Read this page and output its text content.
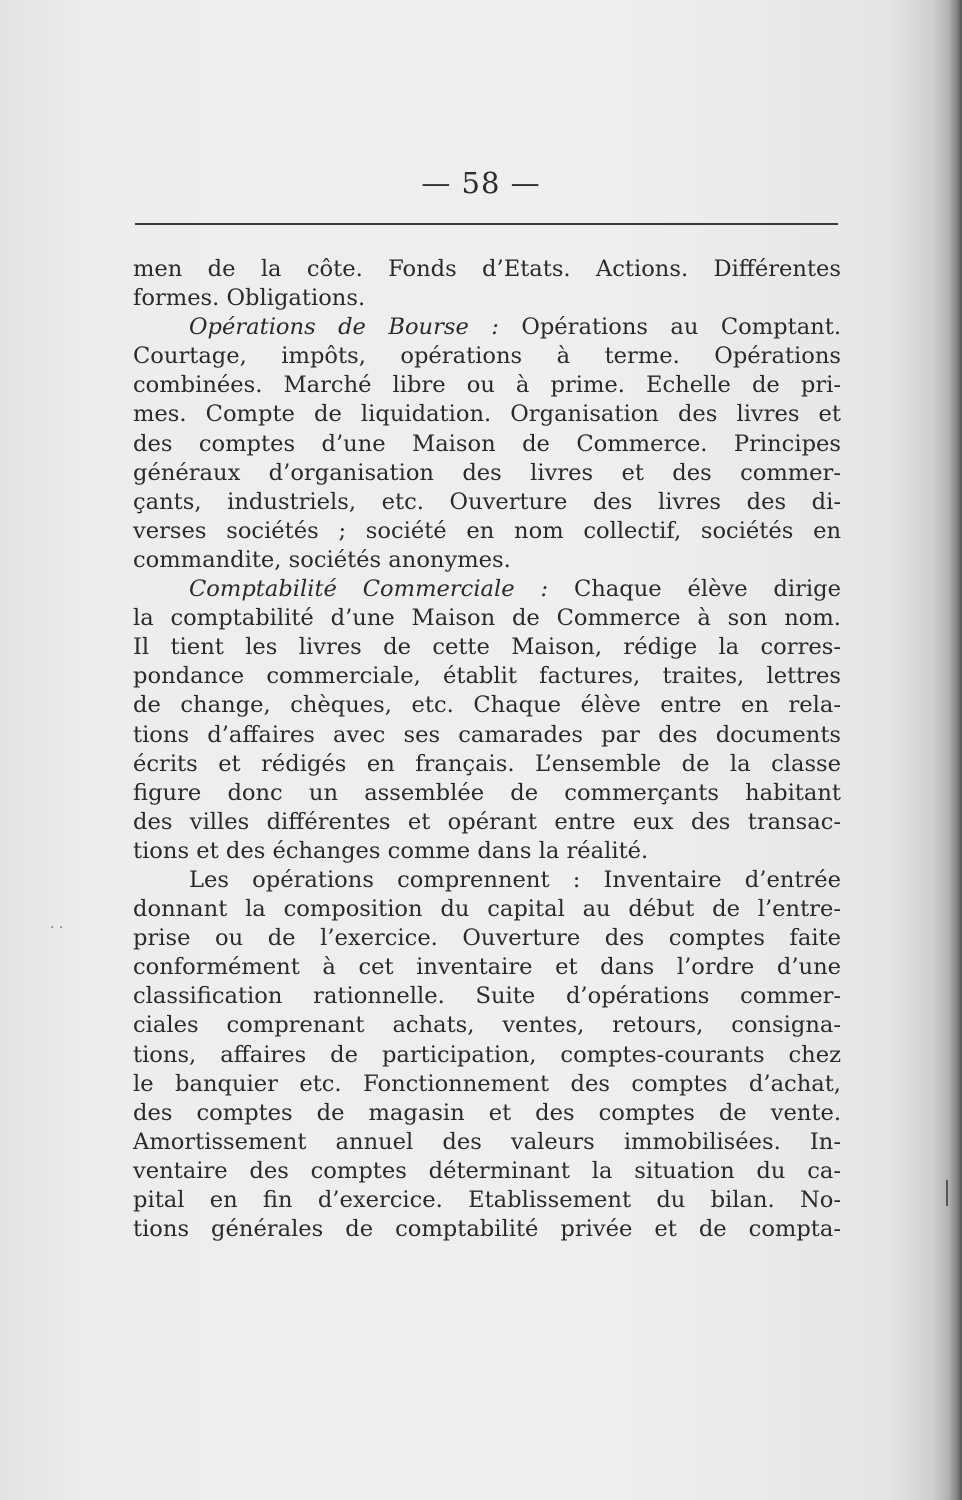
— 58 —
· ·
men de la côte. Fonds d’Etats. Actions. Différentes
formes. Obligations.
Opérations de Bourse : Opérations au Comptant.
Courtage, impôts, opérations à terme. Opérations
combinées. Marché libre ou à prime. Echelle de pri-
mes. Compte de liquidation. Organisation des livres et
des comptes d’une Maison de Commerce. Principes
généraux d’organisation des livres et des commer-
çants, industriels, etc. Ouverture des livres des di-
verses sociétés ; société en nom collectif, sociétés en
commandite, sociétés anonymes.
Comptabilité Commerciale : Chaque élève dirige
la comptabilité d’une Maison de Commerce à son nom.
Il tient les livres de cette Maison, rédige la corres-
pondance commerciale, établit factures, traites, lettres
de change, chèques, etc. Chaque élève entre en rela-
tions d’affaires avec ses camarades par des documents
écrits et rédigés en français. L’ensemble de la classe
figure donc un assemblée de commerçants habitant
des villes différentes et opérant entre eux des transac-
tions et des échanges comme dans la réalité.
Les opérations comprennent : Inventaire d’entrée
donnant la composition du capital au début de l’entre-
prise ou de l’exercice. Ouverture des comptes faite
conformément à cet inventaire et dans l’ordre d’une
classification rationnelle. Suite d’opérations commer-
ciales comprenant achats, ventes, retours, consigna-
tions, affaires de participation, comptes-courants chez
le banquier etc. Fonctionnement des comptes d’achat,
des comptes de magasin et des comptes de vente.
Amortissement annuel des valeurs immobilisées. In-
ventaire des comptes déterminant la situation du ca-
pital en fin d’exercice. Etablissement du bilan. No-
tions générales de comptabilité privée et de compta-
